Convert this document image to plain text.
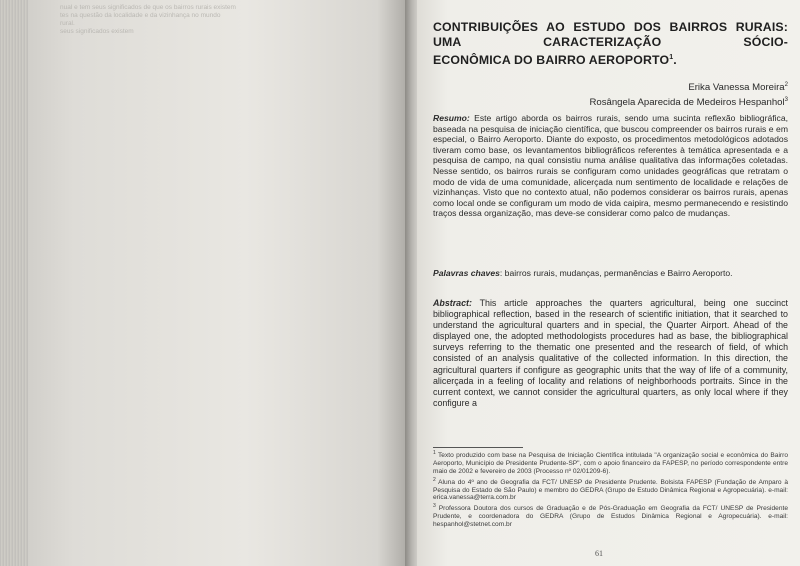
nual e tem seus significados de que os bairros rurais existem
tes na questão da localidade e da vizinhança no mundo
rural.
seus significados existem	CONTRIBUIÇÕES AO ESTUDO DOS BAIRROS RURAIS: UMA CARACTERIZAÇÃO SÓCIO-
ECONÔMICA DO BAIRRO AEROPORTO$^1$.
Erika Vanessa Moreira$^2$
Rosângela Aparecida de Medeiros Hespanhol$^3$
Resumo: Este artigo aborda os bairros rurais, sendo uma sucinta reflexão bibliográfica, baseada na pesquisa de iniciação científica, que buscou compreender os bairros rurais e em especial, o Bairro Aeroporto. Diante do exposto, os procedimentos metodológicos adotados tiveram como base, os levantamentos bibliográficos referentes à temática apresentada e a pesquisa de campo, na qual consistiu numa análise qualitativa das informações coletadas. Nesse sentido, os bairros rurais se configuram como unidades geográficas que retratam o modo de vida de uma comunidade, alicerçada num sentimento de localidade e relações de vizinhanças. Visto que no contexto atual, não podemos considerar os bairros rurais, apenas como local onde se configuram um modo de vida caipira, mesmo permanecendo e resistindo traços dessa organização, mas deve-se considerar como palco de mudanças.
Palavras chaves: bairros rurais, mudanças, permanências e Bairro Aeroporto.
Abstract: This article approaches the quarters agricultural, being one succinct bibliographical reflection, based in the research of scientific initiation, that it searched to understand the agricultural quarters and in special, the Quarter Airport. Ahead of the displayed one, the adopted methodologists procedures had as base, the bibliographical surveys referring to the thematic one presented and the research of field, of which consisted of an analysis qualitative of the collected information. In this direction, the agricultural quarters if configure as geographic units that the way of life of a community, alicerçada in a feeling of locality and relations of neighborhoods portraits. Since in the current context, we cannot consider the agricultural quarters, as only local where if they configure a

$^1$ Texto produzido com base na Pesquisa de Iniciação Científica intitulada "A organização social e econômica do Bairro Aeroporto, Município de Presidente Prudente-SP", com o apoio financeiro da FAPESP, no período correspondente entre maio de 2002 e fevereiro de 2003 (Processo nº 02/01209-6).

$^2$ Aluna do 4º ano de Geografia da FCT/ UNESP de Presidente Prudente. Bolsista FAPESP (Fundação de Amparo à Pesquisa do Estado de São Paulo) e membro do GEDRA (Grupo de Estudo Dinâmica Regional e Agropecuária). e-mail: erica.vanessa@terra.com.br

$^3$ Professora Doutora dos cursos de Graduação e de Pós-Graduação em Geografia da FCT/ UNESP de Presidente Prudente, e coordenadora do GEDRA (Grupo de Estudos Dinâmica Regional e Agropecuária). e-mail: hespanhol@stetnet.com.br

61
